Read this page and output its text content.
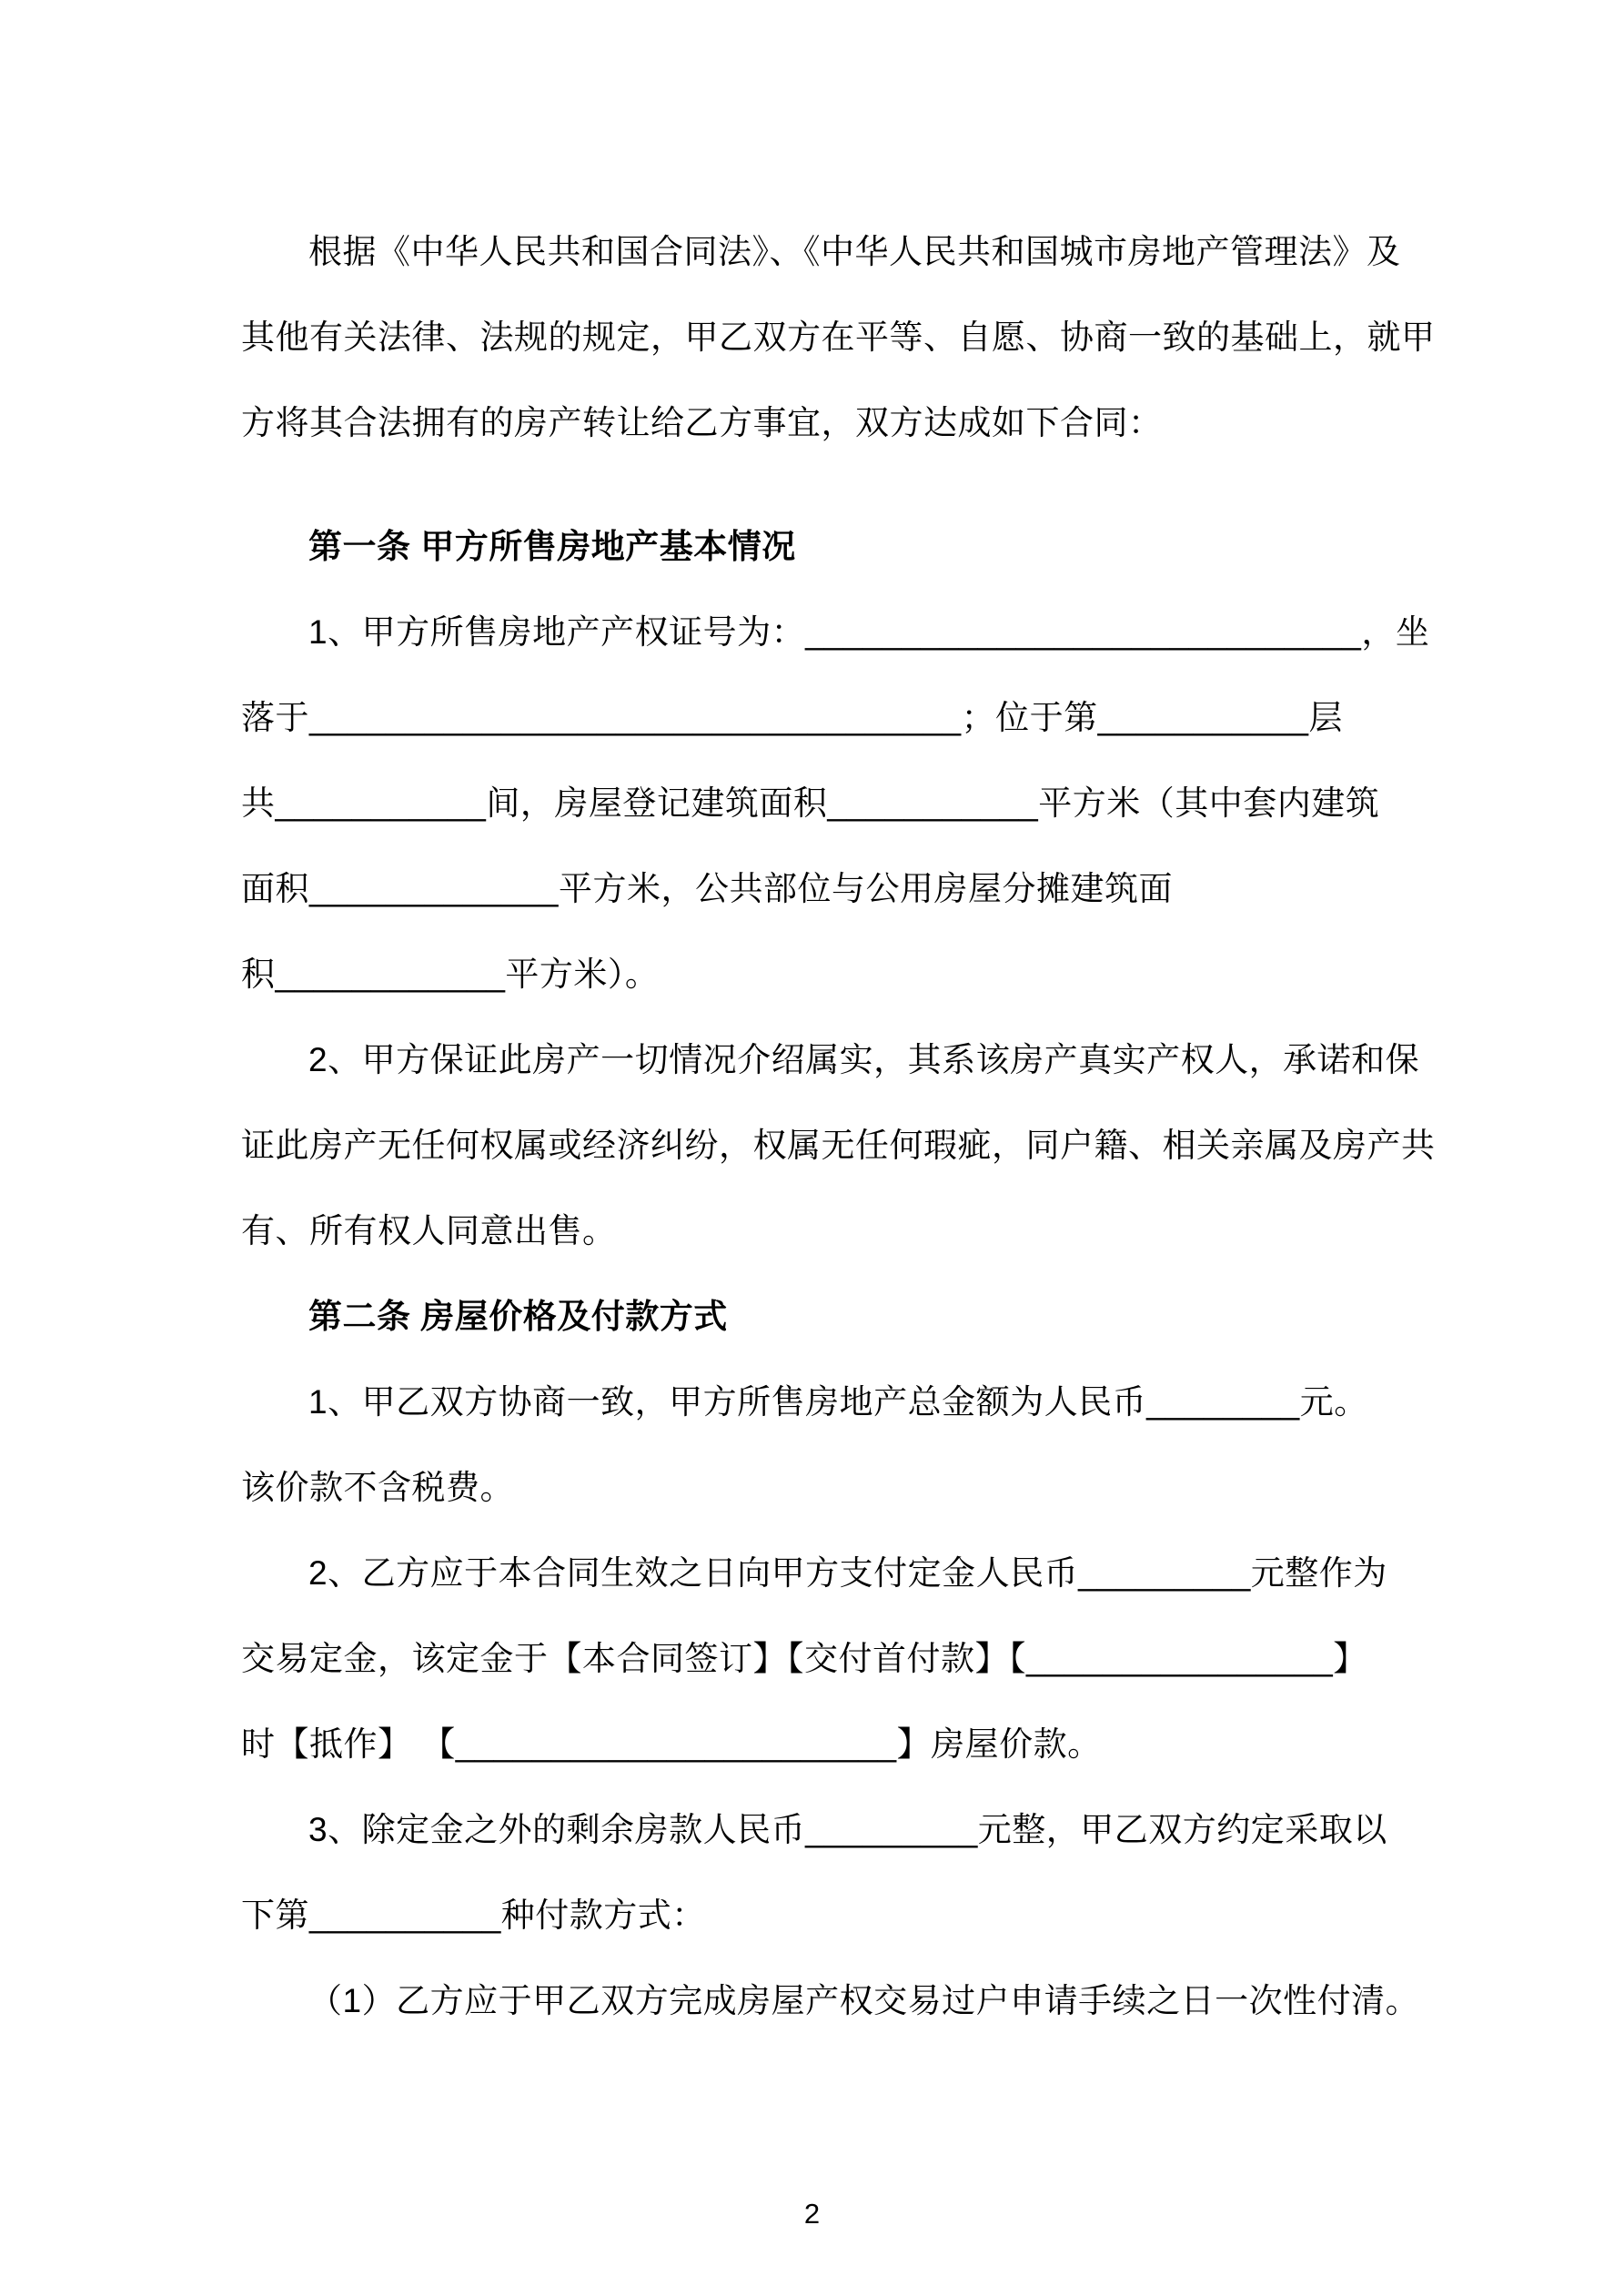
根据《中华人民共和国合同法》、《中华人民共和国城市房地产管理法》及
其他有关法律、法规的规定，甲乙双方在平等、自愿、协商一致的基础上，就甲
方将其合法拥有的房产转让给乙方事宜，双方达成如下合同：
第一条 甲方所售房地产基本情况
1、甲方所售房地产产权证号为：_____________________________，坐
落于__________________________________；位于第___________层
共___________间，房屋登记建筑面积___________平方米（其中套内建筑
面积_____________平方米，公共部位与公用房屋分摊建筑面
积____________平方米）。
2、甲方保证此房产一切情况介绍属实，其系该房产真实产权人，承诺和保
证此房产无任何权属或经济纠纷，权属无任何瑕疵，同户籍、相关亲属及房产共
有、所有权人同意出售。
第二条 房屋价格及付款方式
1、甲乙双方协商一致，甲方所售房地产总金额为人民币________元。
该价款不含税费。
2、乙方应于本合同生效之日向甲方支付定金人民币_________元整作为
交易定金，该定金于【本合同签订】【交付首付款】【________________】
时【抵作】 【_______________________】房屋价款。
3、除定金之外的剩余房款人民币_________元整，甲乙双方约定采取以
下第__________种付款方式：
（1）乙方应于甲乙双方完成房屋产权交易过户申请手续之日一次性付清。
2
